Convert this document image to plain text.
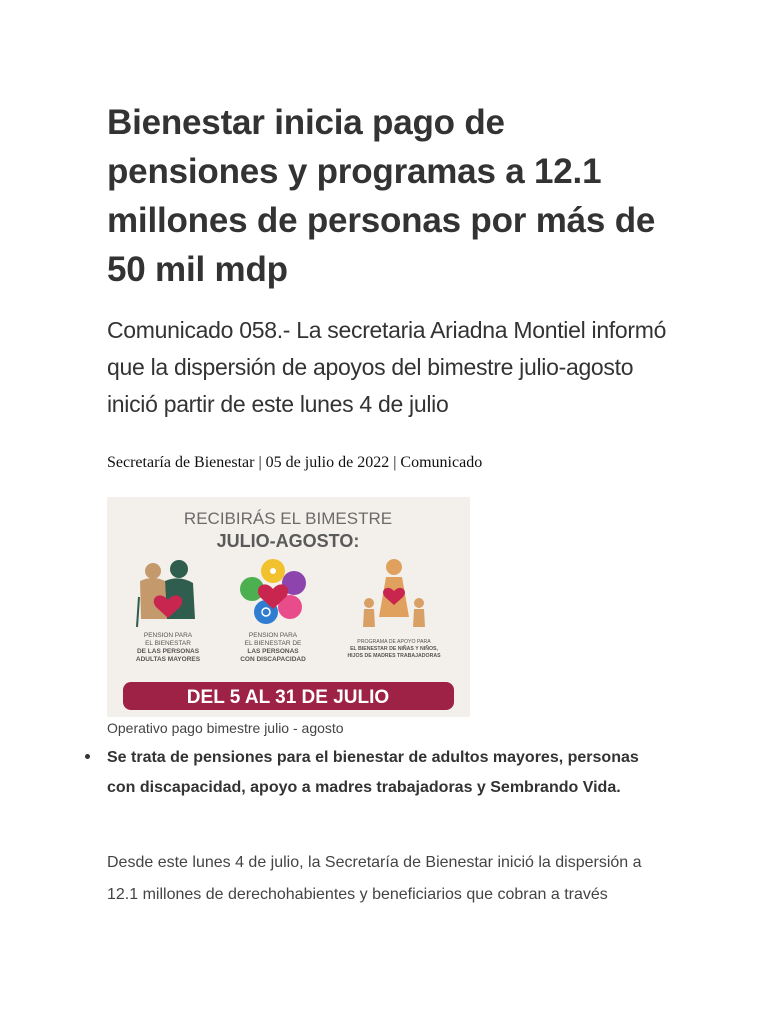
Bienestar inicia pago de pensiones y programas a 12.1 millones de personas por más de 50 mil mdp

Comunicado 058.- La secretaria Ariadna Montiel informó que la dispersión de apoyos del bimestre julio-agosto inició partir de este lunes 4 de julio

Secretaría de Bienestar | 05 de julio de 2022 | Comunicado
RECIBIRÁS EL BIMESTRE
JULIO-AGOSTO:
PENSION PARA
EL BIENESTAR
DE LAS PERSONAS
ADULTAS MAYORES
PENSION PARA
EL BIENESTAR DE
LAS PERSONAS
CON DISCAPACIDAD
PROGRAMA DE APOYO PARA
EL BIENESTAR DE NIÑAS Y NIÑOS,
HIJOS DE MADRES TRABAJADORAS
DEL 5 AL 31 DE JULIO
Operativo pago bimestre julio - agosto
Se trata de pensiones para el bienestar de adultos mayores, personas con discapacidad, apoyo a madres trabajadoras y Sembrando Vida.

Desde este lunes 4 de julio, la Secretaría de Bienestar inició la dispersión a 12.1 millones de derechohabientes y beneficiarios que cobran a través
